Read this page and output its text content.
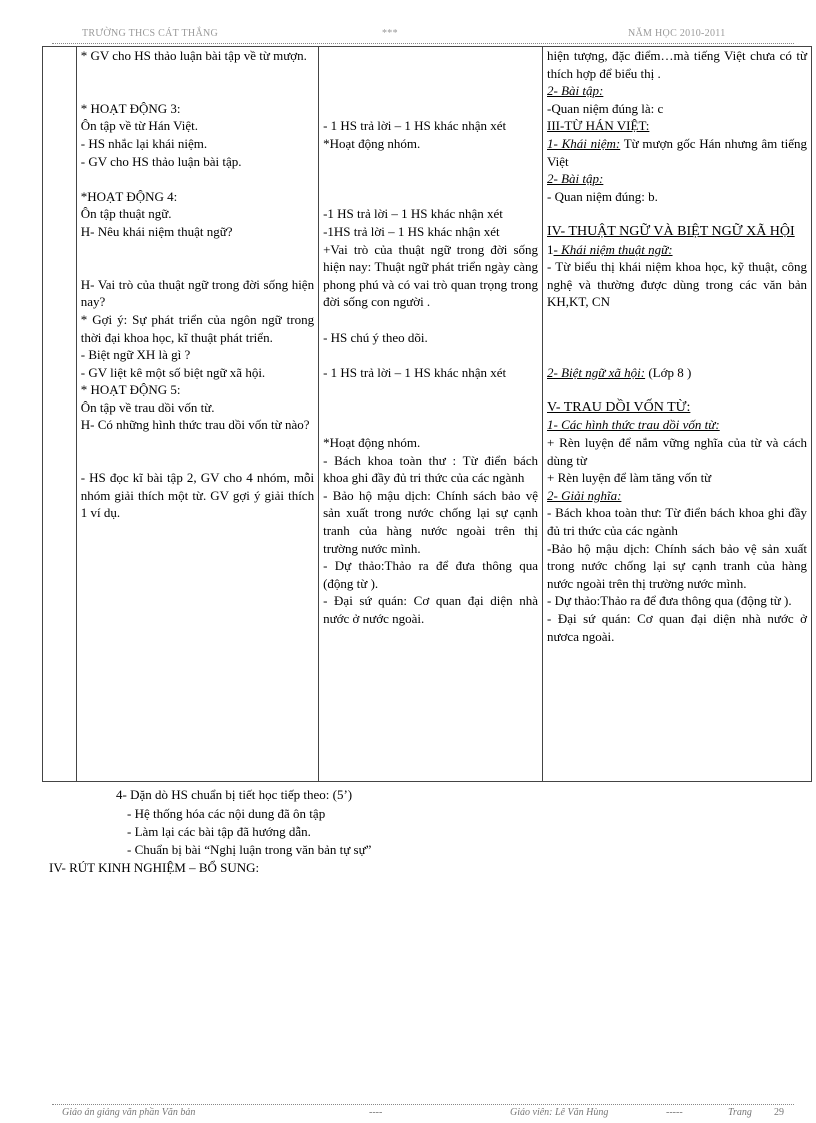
TRƯỜNG THCS CÁT THẮNG	***	NĂM HỌC 2010-2011

* GV cho HS thảo luận bài tập về từ mượn.

* HOẠT ĐỘNG 3:

Ôn tập về từ Hán Việt.

- HS nhắc lại khái niệm.

- GV cho HS thảo luận bài tập.

*HOẠT ĐỘNG 4:

Ôn tập thuật ngữ.

H- Nêu khái niệm thuật ngữ?

H- Vai trò của thuật ngữ trong đời sống hiện nay?

* Gợi ý: Sự phát triển của ngôn ngữ trong thời đại khoa học, kĩ thuật phát triển.

- Biệt ngữ XH là gì ?

- GV liệt kê một số biệt ngữ xã hội.

* HOẠT ĐỘNG 5:

Ôn tập về trau dồi vốn từ.

H- Có những hình thức trau dồi vốn từ nào?

- HS đọc kĩ bài tập 2, GV cho 4 nhóm, mỗi nhóm giải thích một từ. GV gợi ý giải thích 1 ví dụ.

- 1 HS trả lời – 1 HS khác nhận xét

*Hoạt động nhóm.

-1 HS trả lời – 1 HS khác nhận xét

-1HS trả lời – 1 HS khác nhận xét

+Vai trò của thuật ngữ trong đời sống hiện nay: Thuật ngữ phát triển ngày càng phong phú và có vai trò quan trọng trong đời sống con người .

- HS chú ý theo dõi.

- 1 HS trả lời – 1 HS khác nhận xét

*Hoạt động nhóm.

- Bách khoa toàn thư : Từ điển bách khoa ghi đầy đủ tri thức của các ngành

- Bảo hộ mậu dịch: Chính sách bảo vệ sản xuất trong nước chống lại sự cạnh tranh của hàng nước ngoài trên thị trường nước mình.

- Dự thảo:Thảo ra để đưa thông qua (động từ ).

- Đại sứ quán: Cơ quan đại diện nhà nước ở nước ngoài.

hiện tượng, đặc điểm…mà tiếng Việt chưa có từ thích hợp để biểu thị .

2- Bài tập:

-Quan niệm đúng là: c

III-TỪ HÁN VIỆT:

1- Khái niệm: Từ mượn gốc Hán nhưng âm tiếng Việt

2- Bài tập:

- Quan niệm đúng: b.

IV- THUẬT NGỮ VÀ BIỆT NGỮ XÃ HỘI

1- Khái niệm thuật ngữ:

- Từ biểu thị khái niệm khoa học, kỹ thuật, công nghệ và thường được dùng trong các văn bản KH,KT, CN

2- Biệt ngữ xã hội: (Lớp 8 )

V- TRAU DỒI VỐN TỪ:

1- Các hình thức trau dồi vốn từ:

+ Rèn luyện để nắm vững nghĩa của từ và cách dùng từ

+ Rèn luyện để làm tăng vốn từ

2- Giải nghĩa:

- Bách khoa toàn thư: Từ điển bách khoa ghi đầy đủ tri thức của các ngành

-Bảo hộ mậu dịch: Chính sách bảo vệ sản xuất trong nước chống lại sự cạnh tranh của hàng nước ngoài trên thị trường nước mình.

- Dự thảo:Thảo ra để đưa thông qua (động từ ).

- Đại sứ quán: Cơ quan đại diện nhà nước ở nươca ngoài.

4- Dặn dò HS chuẩn bị tiết học tiếp theo: (5’)
- Hệ thống hóa các nội dung đã ôn tập
- Làm lại các bài tập đã hướng dẫn.
- Chuẩn bị bài “Nghị luận trong văn bản tự sự”
IV- RÚT KINH NGHIỆM – BỔ SUNG:
Giáo án giảng văn phần Văn bản	----	Giáo viên: Lê Văn Hùng	-----	Trang 29
